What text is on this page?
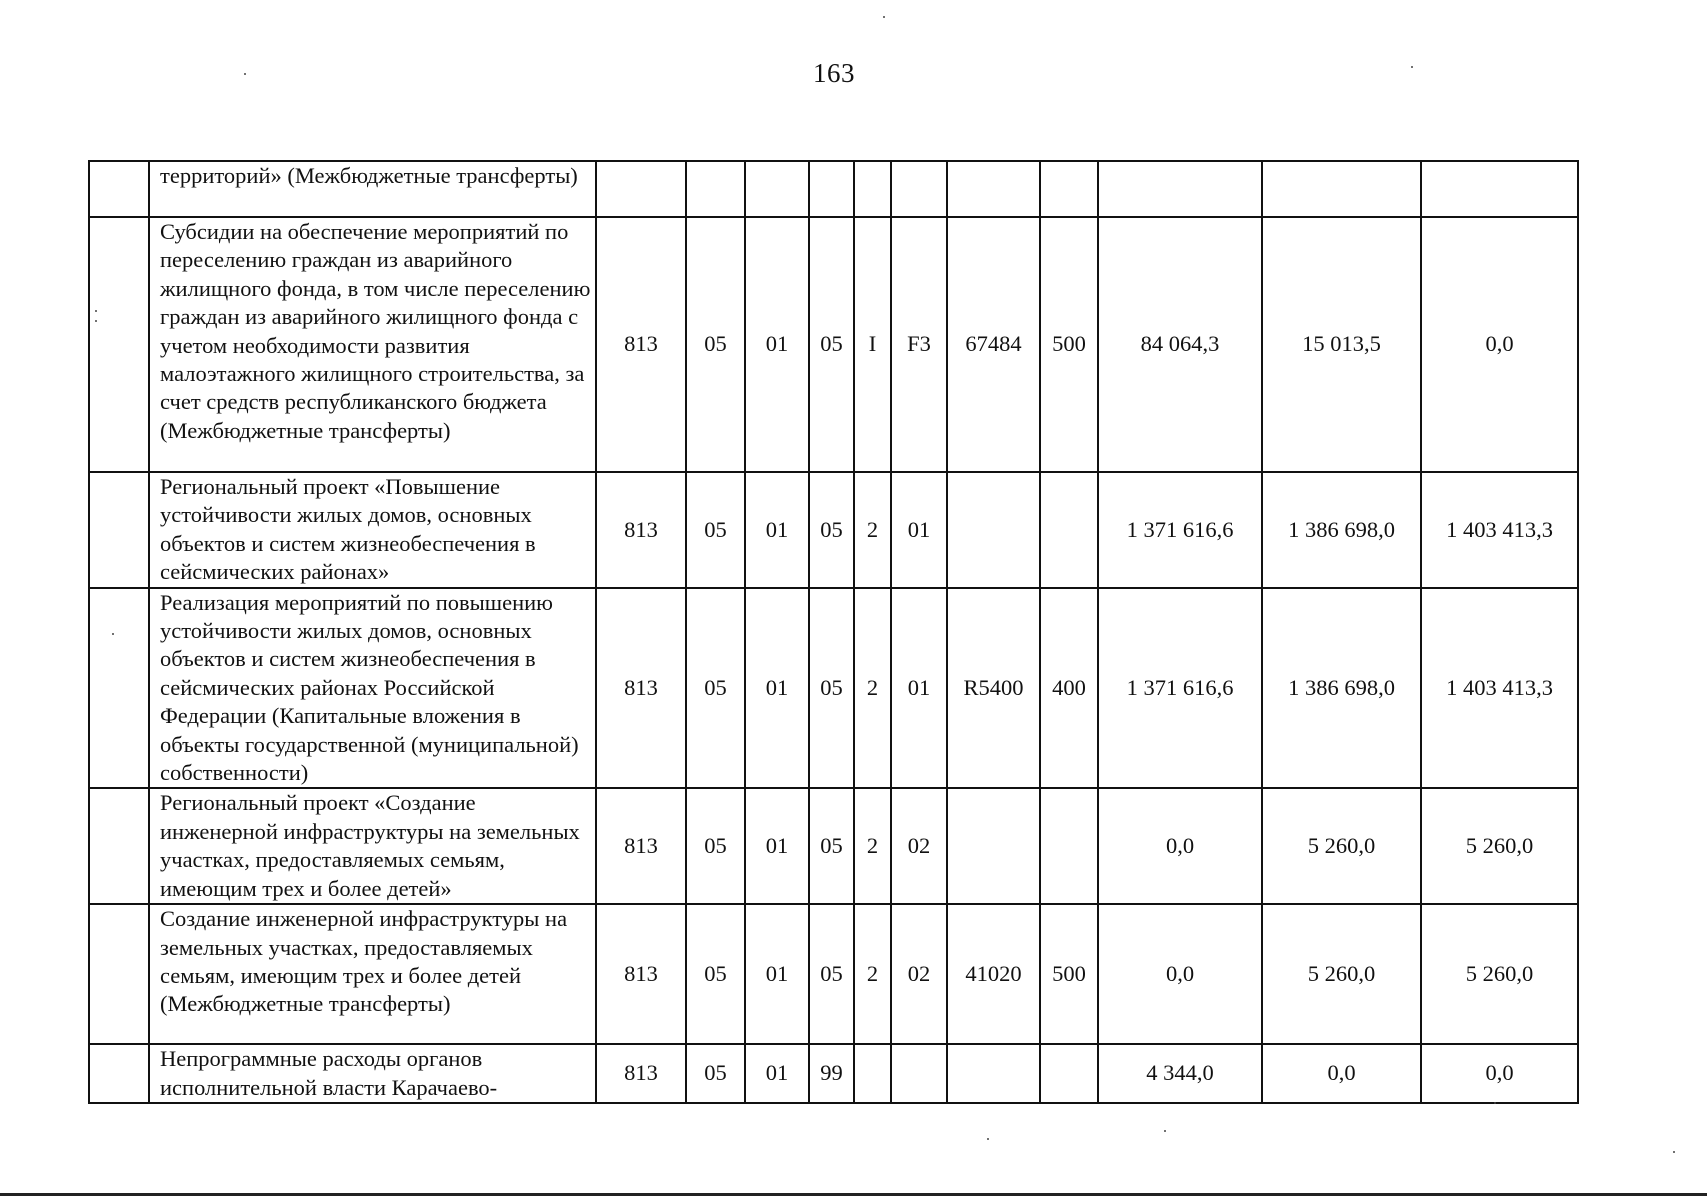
163
	территорий» (Межбюджетные трансферты)											
	Субсидии на обеспечение мероприятий по переселению граждан из аварийного жилищного фонда, в том числе переселению граждан из аварийного жилищного фонда с учетом необходимости развития малоэтажного жилищного строительства, за счет средств республиканского бюджета (Межбюджетные трансферты)	813	05	01	05	I	F3	67484	500	84 064,3	15 013,5	0,0
	Региональный проект «Повышение устойчивости жилых домов, основных объектов и систем жизнеобеспечения в сейсмических районах»	813	05	01	05	2	01			1 371 616,6	1 386 698,0	1 403 413,3
	Реализация мероприятий по повышению устойчивости жилых домов, основных объектов и систем жизнеобеспечения в сейсмических районах Российской Федерации (Капитальные вложения в объекты государственной (муниципальной) собственности)	813	05	01	05	2	01	R5400	400	1 371 616,6	1 386 698,0	1 403 413,3
	Региональный проект «Создание инженерной инфраструктуры на земельных участках, предоставляемых семьям, имеющим трех и более детей»	813	05	01	05	2	02			0,0	5 260,0	5 260,0
	Создание инженерной инфраструктуры на земельных участках, предоставляемых семьям, имеющим трех и более детей (Межбюджетные трансферты)	813	05	01	05	2	02	41020	500	0,0	5 260,0	5 260,0
	Непрограммные расходы органов исполнительной власти Карачаево-	813	05	01	99					4 344,0	0,0	0,0
